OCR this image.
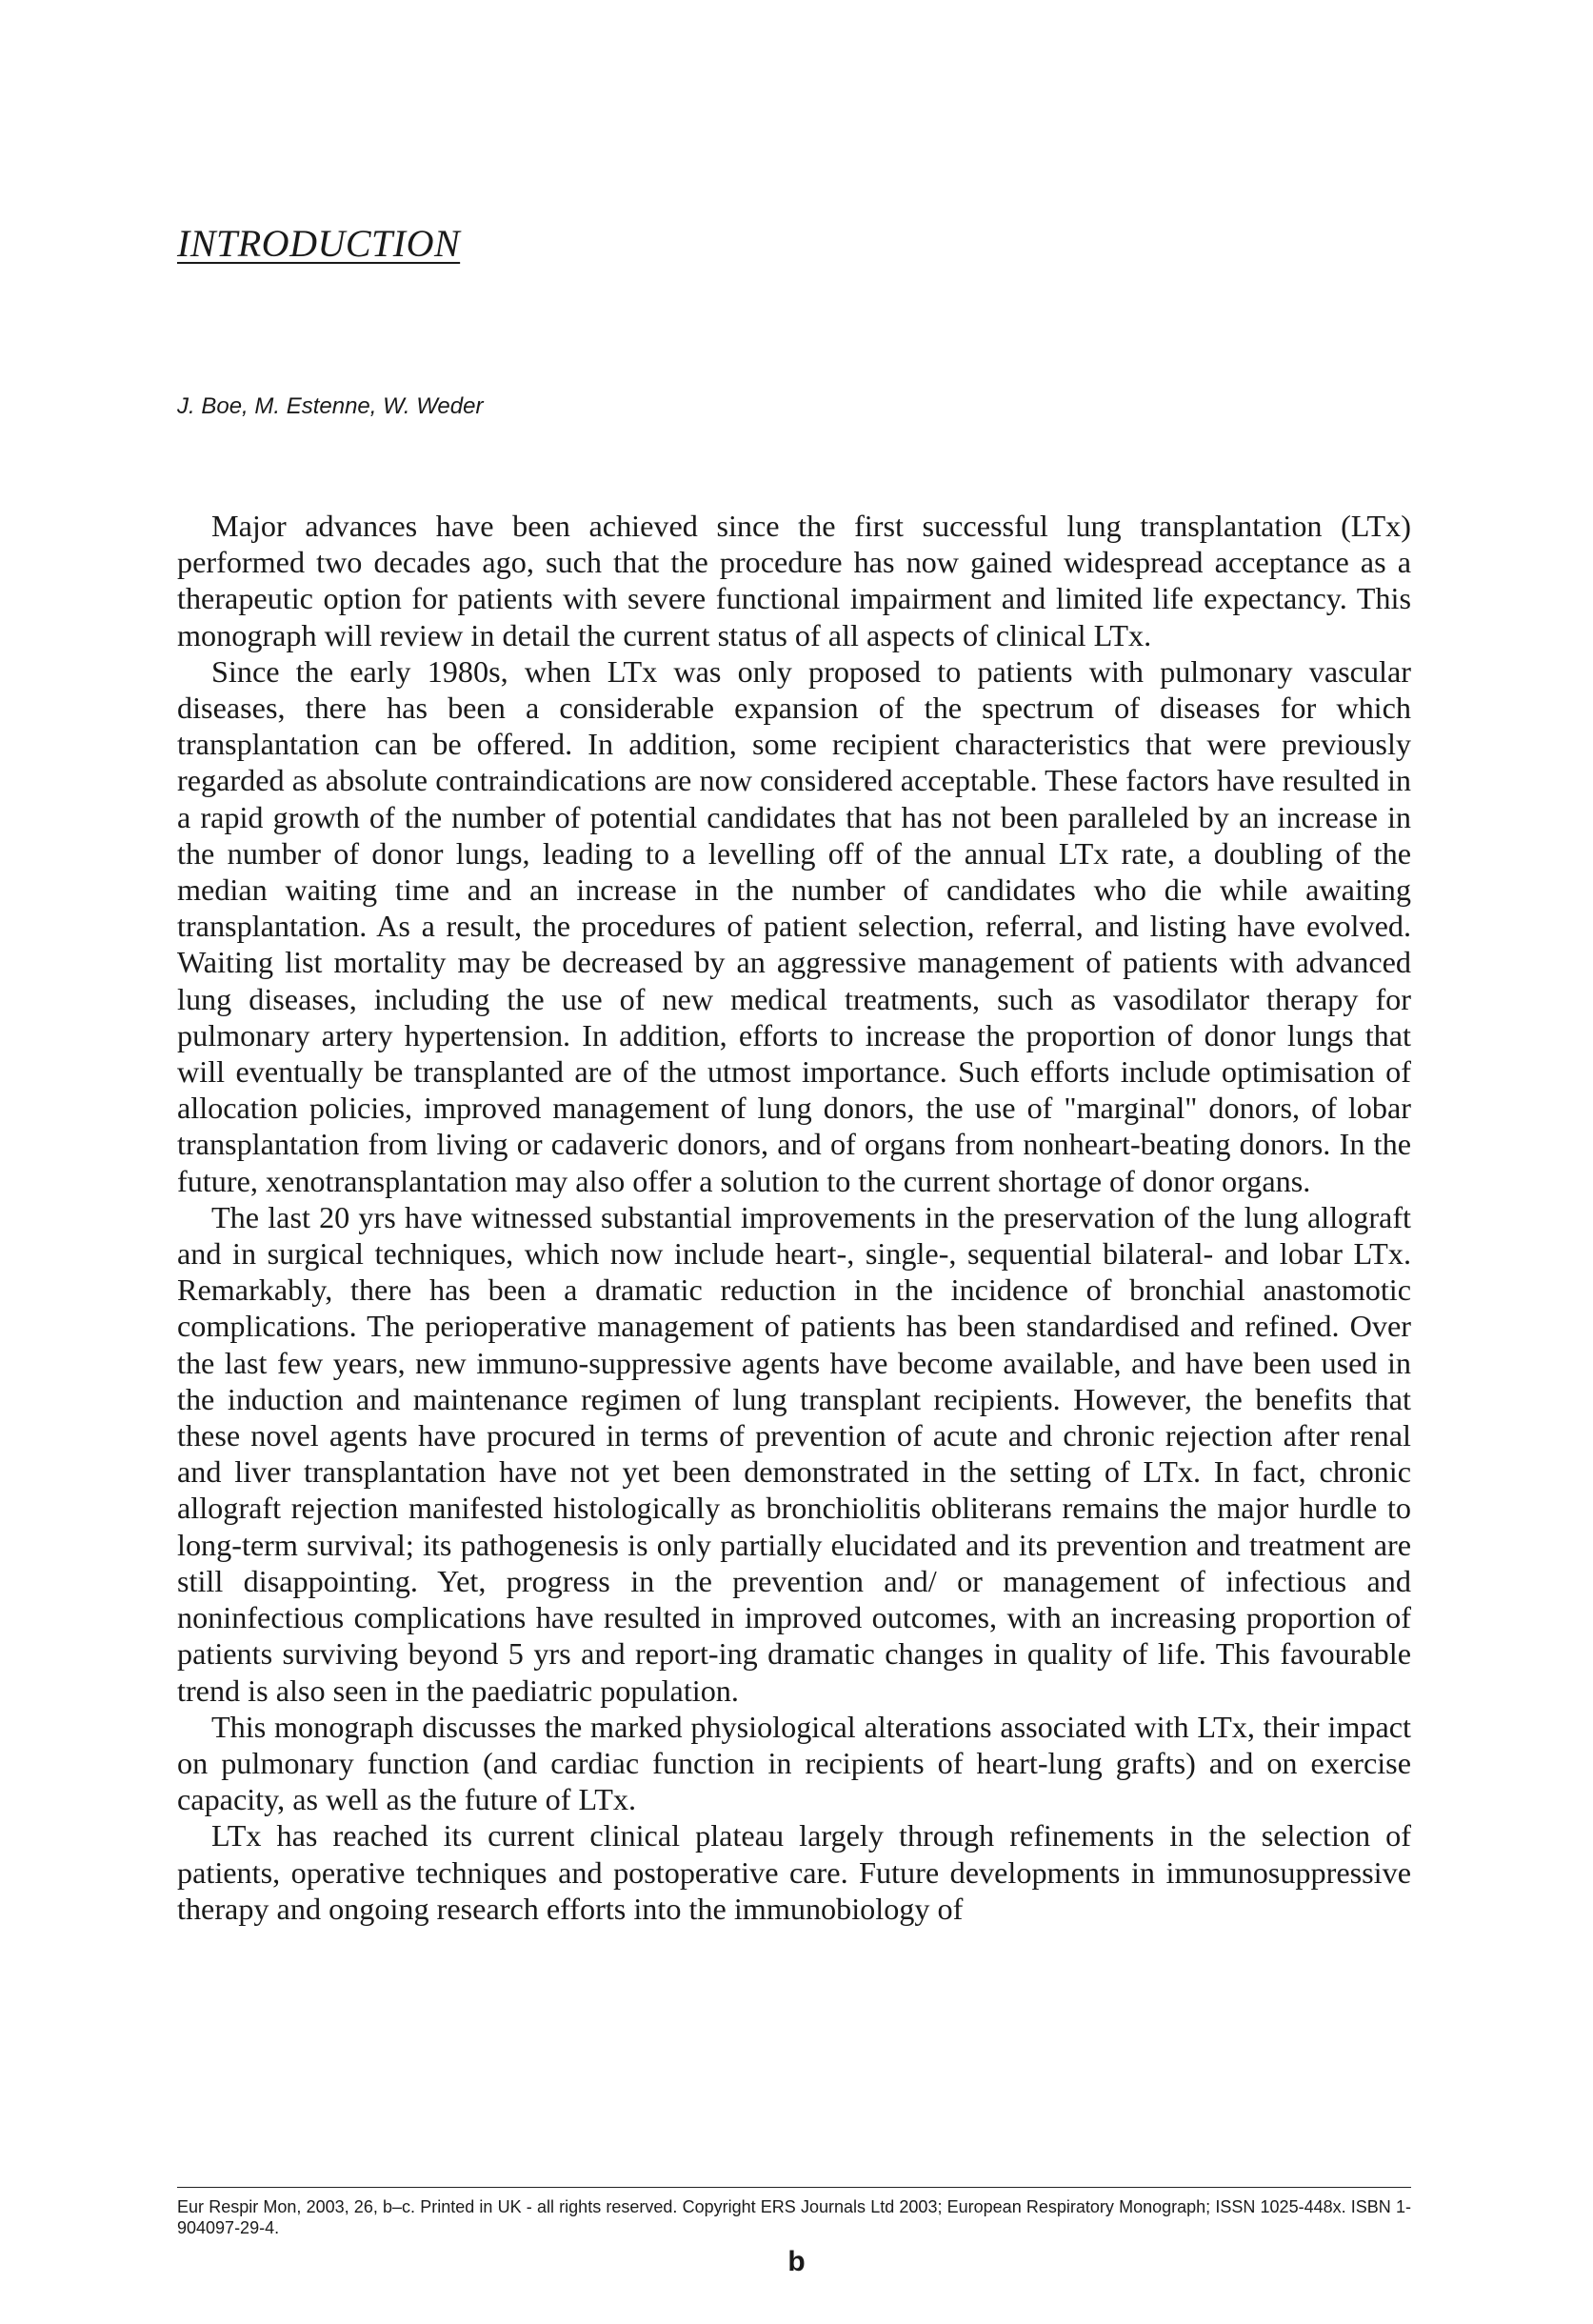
INTRODUCTION
J. Boe, M. Estenne, W. Weder

Major advances have been achieved since the first successful lung transplantation (LTx) performed two decades ago, such that the procedure has now gained widespread acceptance as a therapeutic option for patients with severe functional impairment and limited life expectancy. This monograph will review in detail the current status of all aspects of clinical LTx.

Since the early 1980s, when LTx was only proposed to patients with pulmonary vascular diseases, there has been a considerable expansion of the spectrum of diseases for which transplantation can be offered. In addition, some recipient characteristics that were previously regarded as absolute contraindications are now considered acceptable. These factors have resulted in a rapid growth of the number of potential candidates that has not been paralleled by an increase in the number of donor lungs, leading to a levelling off of the annual LTx rate, a doubling of the median waiting time and an increase in the number of candidates who die while awaiting transplantation. As a result, the procedures of patient selection, referral, and listing have evolved. Waiting list mortality may be decreased by an aggressive management of patients with advanced lung diseases, including the use of new medical treatments, such as vasodilator therapy for pulmonary artery hypertension. In addition, efforts to increase the proportion of donor lungs that will eventually be transplanted are of the utmost importance. Such efforts include optimisation of allocation policies, improved management of lung donors, the use of "marginal" donors, of lobar transplantation from living or cadaveric donors, and of organs from nonheart-beating donors. In the future, xenotransplantation may also offer a solution to the current shortage of donor organs.

The last 20 yrs have witnessed substantial improvements in the preservation of the lung allograft and in surgical techniques, which now include heart-, single-, sequential bilateral- and lobar LTx. Remarkably, there has been a dramatic reduction in the incidence of bronchial anastomotic complications. The perioperative management of patients has been standardised and refined. Over the last few years, new immuno-suppressive agents have become available, and have been used in the induction and maintenance regimen of lung transplant recipients. However, the benefits that these novel agents have procured in terms of prevention of acute and chronic rejection after renal and liver transplantation have not yet been demonstrated in the setting of LTx. In fact, chronic allograft rejection manifested histologically as bronchiolitis obliterans remains the major hurdle to long-term survival; its pathogenesis is only partially elucidated and its prevention and treatment are still disappointing. Yet, progress in the prevention and/ or management of infectious and noninfectious complications have resulted in improved outcomes, with an increasing proportion of patients surviving beyond 5 yrs and report-ing dramatic changes in quality of life. This favourable trend is also seen in the paediatric population.

This monograph discusses the marked physiological alterations associated with LTx, their impact on pulmonary function (and cardiac function in recipients of heart-lung grafts) and on exercise capacity, as well as the future of LTx.

LTx has reached its current clinical plateau largely through refinements in the selection of patients, operative techniques and postoperative care. Future developments in immunosuppressive therapy and ongoing research efforts into the immunobiology of

Eur Respir Mon, 2003, 26, b–c. Printed in UK - all rights reserved. Copyright ERS Journals Ltd 2003; European Respiratory Monograph; ISSN 1025-448x. ISBN 1-904097-29-4.

b
